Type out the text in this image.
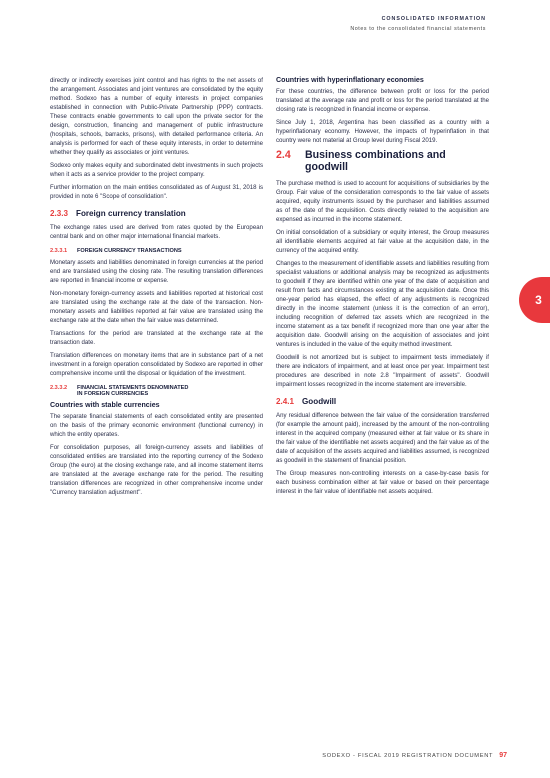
CONSOLIDATED INFORMATION
Notes to the consolidated financial statements
3

directly or indirectly exercises joint control and has rights to the net assets of the arrangement. Associates and joint ventures are consolidated by the equity method. Sodexo has a number of equity interests in project companies established in connection with Public-Private Partnership (PPP) contracts. These contracts enable governments to call upon the private sector for the design, construction, financing and management of public infrastructure (hospitals, schools, barracks, prisons), with detailed performance criteria. An analysis is performed for each of these equity interests, in order to determine whether they qualify as associates or joint ventures.

Sodexo only makes equity and subordinated debt investments in such projects when it acts as a service provider to the project company.

Further information on the main entities consolidated as of August 31, 2018 is provided in note 6 "Scope of consolidation".

2.3.3 Foreign currency translation

The exchange rates used are derived from rates quoted by the European central bank and on other major international financial markets.

2.3.3.1	FOREIGN CURRENCY TRANSACTIONS

Monetary assets and liabilities denominated in foreign currencies at the period end are translated using the closing rate. The resulting translation differences are reported in financial income or expense.

Non-monetary foreign-currency assets and liabilities reported at historical cost are translated using the exchange rate at the date of the transaction. Non-monetary assets and liabilities reported at fair value are translated using the exchange rate at the date when the fair value was determined.

Transactions for the period are translated at the exchange rate at the transaction date.

Translation differences on monetary items that are in substance part of a net investment in a foreign operation consolidated by Sodexo are reported in other comprehensive income until the disposal or liquidation of the investment.

2.3.3.2	FINANCIAL STATEMENTS DENOMINATED
IN FOREIGN CURRENCIES
Countries with stable currencies

The separate financial statements of each consolidated entity are presented on the basis of the primary economic environment (functional currency) in which the entity operates.

For consolidation purposes, all foreign-currency assets and liabilities of consolidated entities are translated into the reporting currency of the Sodexo Group (the euro) at the closing exchange rate, and all income statement items are translated at the average exchange rate for the period. The resulting translation differences are recognized in other comprehensive income under "Currency translation adjustment".

Countries with hyperinflationary economies

For these countries, the difference between profit or loss for the period translated at the average rate and profit or loss for the period translated at the closing rate is recognized in financial income or expense.

Since July 1, 2018, Argentina has been classified as a country with a hyperinflationary economy. However, the impacts of hyperinflation in that country were not material at Group level during Fiscal 2019.

2.4	Business combinations and goodwill

The purchase method is used to account for acquisitions of subsidiaries by the Group. Fair value of the consideration corresponds to the fair value of assets acquired, equity instruments issued by the purchaser and liabilities assumed as of the date of the acquisition. Costs directly related to the acquisition are expensed as incurred in the income statement.

On initial consolidation of a subsidiary or equity interest, the Group measures all identifiable elements acquired at fair value at the acquisition date, in the currency of the acquired entity.

Changes to the measurement of identifiable assets and liabilities resulting from specialist valuations or additional analysis may be recognized as adjustments to goodwill if they are identified within one year of the date of acquisition and result from facts and circumstances existing at the acquisition date. Once this one-year period has elapsed, the effect of any adjustments is recognized directly in the income statement (unless it is the correction of an error), including recognition of deferred tax assets which are recognized in the income statement as a tax benefit if recognized more than one year after the acquisition date. Goodwill arising on the acquisition of associates and joint ventures is included in the value of the equity method investment.

Goodwill is not amortized but is subject to impairment tests immediately if there are indicators of impairment, and at least once per year. Impairment test procedures are described in note 2.8 "Impairment of assets". Goodwill impairment losses recognized in the income statement are irreversible.

2.4.1 Goodwill

Any residual difference between the fair value of the consideration transferred (for example the amount paid), increased by the amount of the non-controlling interest in the acquired company (measured either at fair value or its share in the fair value of the identifiable net assets acquired) and the fair value as of the date of acquisition of the assets acquired and liabilities assumed, is recognized as goodwill in the statement of financial position.

The Group measures non-controlling interests on a case-by-case basis for each business combination either at fair value or based on their percentage interest in the fair value of identifiable net assets acquired.

SODEXO - FISCAL 2019 REGISTRATION DOCUMENT 97
